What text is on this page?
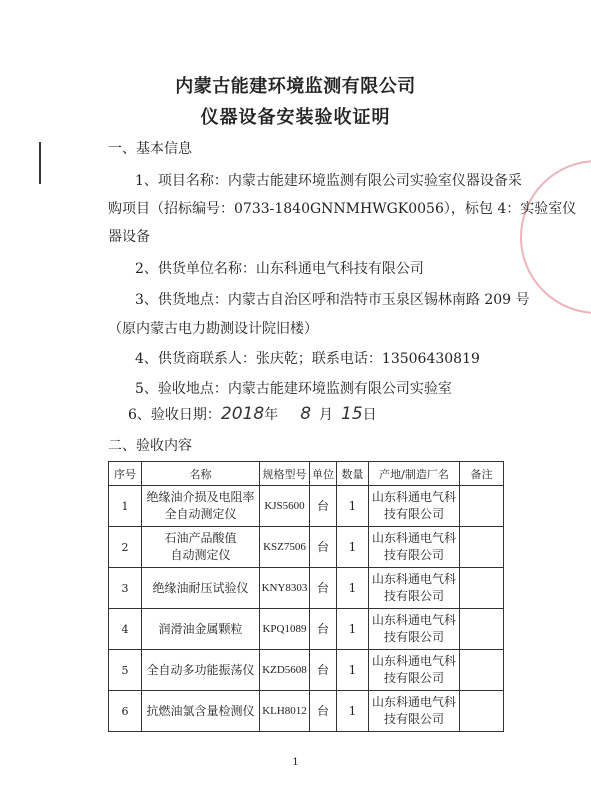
内蒙古能建环境监测有限公司
仪器设备安装验收证明
一、基本信息
1、项目名称：内蒙古能建环境监测有限公司实验室仪器设备采
购项目（招标编号：0733-1840GNNMHWGK0056），标包 4：实验室仪
器设备
2、供货单位名称：山东科通电气科技有限公司
3、供货地点：内蒙古自治区呼和浩特市玉泉区锡林南路 209 号
（原内蒙古电力勘测设计院旧楼）
4、供货商联系人：张庆乾；联系电话：13506430819
5、验收地点：内蒙古能建环境监测有限公司实验室
6、验收日期：2018年 8 月 15日
二、验收内容
序号	名称	规格型号	单位	数量	产地/制造厂名	备注
1	绝缘油介损及电阻率
全自动测定仪	KJS5600	台	1	山东科通电气科
技有限公司	
2	石油产品酸值
自动测定仪	KSZ7506	台	1	山东科通电气科
技有限公司	
3	绝缘油耐压试验仪	KNY8303	台	1	山东科通电气科
技有限公司	
4	润滑油金属颗粒	KPQ1089	台	1	山东科通电气科
技有限公司	
5	全自动多功能振荡仪	KZD5608	台	1	山东科通电气科
技有限公司	
6	抗燃油氯含量检测仪	KLH8012	台	1	山东科通电气科
技有限公司	
1
